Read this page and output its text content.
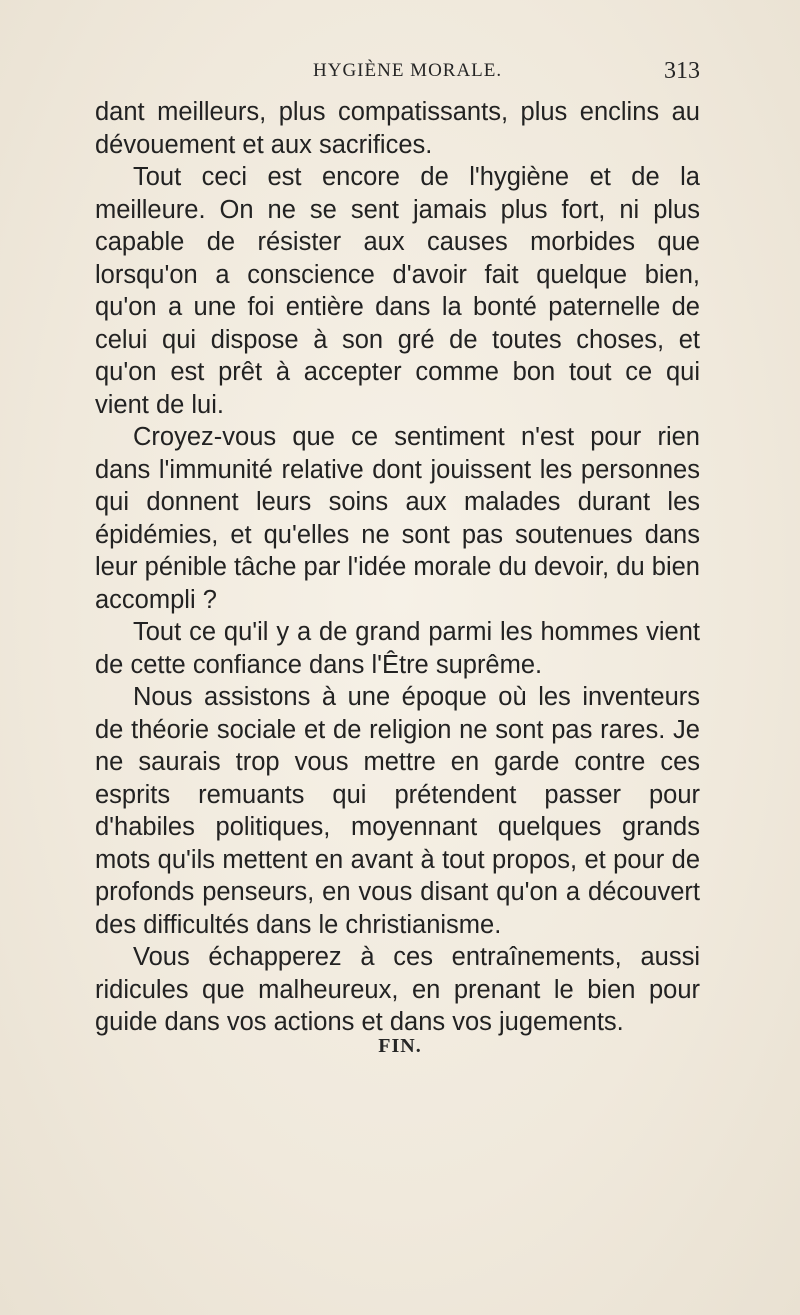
HYGIÈNE MORALE.	313

dant meilleurs, plus compatissants, plus enclins au dévouement et aux sacrifices.

Tout ceci est encore de l'hygiène et de la meilleure. On ne se sent jamais plus fort, ni plus capable de résister aux causes morbides que lorsqu'on a conscience d'avoir fait quelque bien, qu'on a une foi entière dans la bonté paternelle de celui qui dispose à son gré de toutes choses, et qu'on est prêt à accepter comme bon tout ce qui vient de lui.

Croyez-vous que ce sentiment n'est pour rien dans l'immunité relative dont jouissent les personnes qui donnent leurs soins aux malades durant les épidémies, et qu'elles ne sont pas soutenues dans leur pénible tâche par l'idée morale du devoir, du bien accompli ?

Tout ce qu'il y a de grand parmi les hommes vient de cette confiance dans l'Être suprême.

Nous assistons à une époque où les inventeurs de théorie sociale et de religion ne sont pas rares. Je ne saurais trop vous mettre en garde contre ces esprits remuants qui prétendent passer pour d'habiles politiques, moyennant quelques grands mots qu'ils mettent en avant à tout propos, et pour de profonds penseurs, en vous disant qu'on a découvert des difficultés dans le christianisme.

Vous échapperez à ces entraînements, aussi ridicules que malheureux, en prenant le bien pour guide dans vos actions et dans vos jugements.

FIN.
